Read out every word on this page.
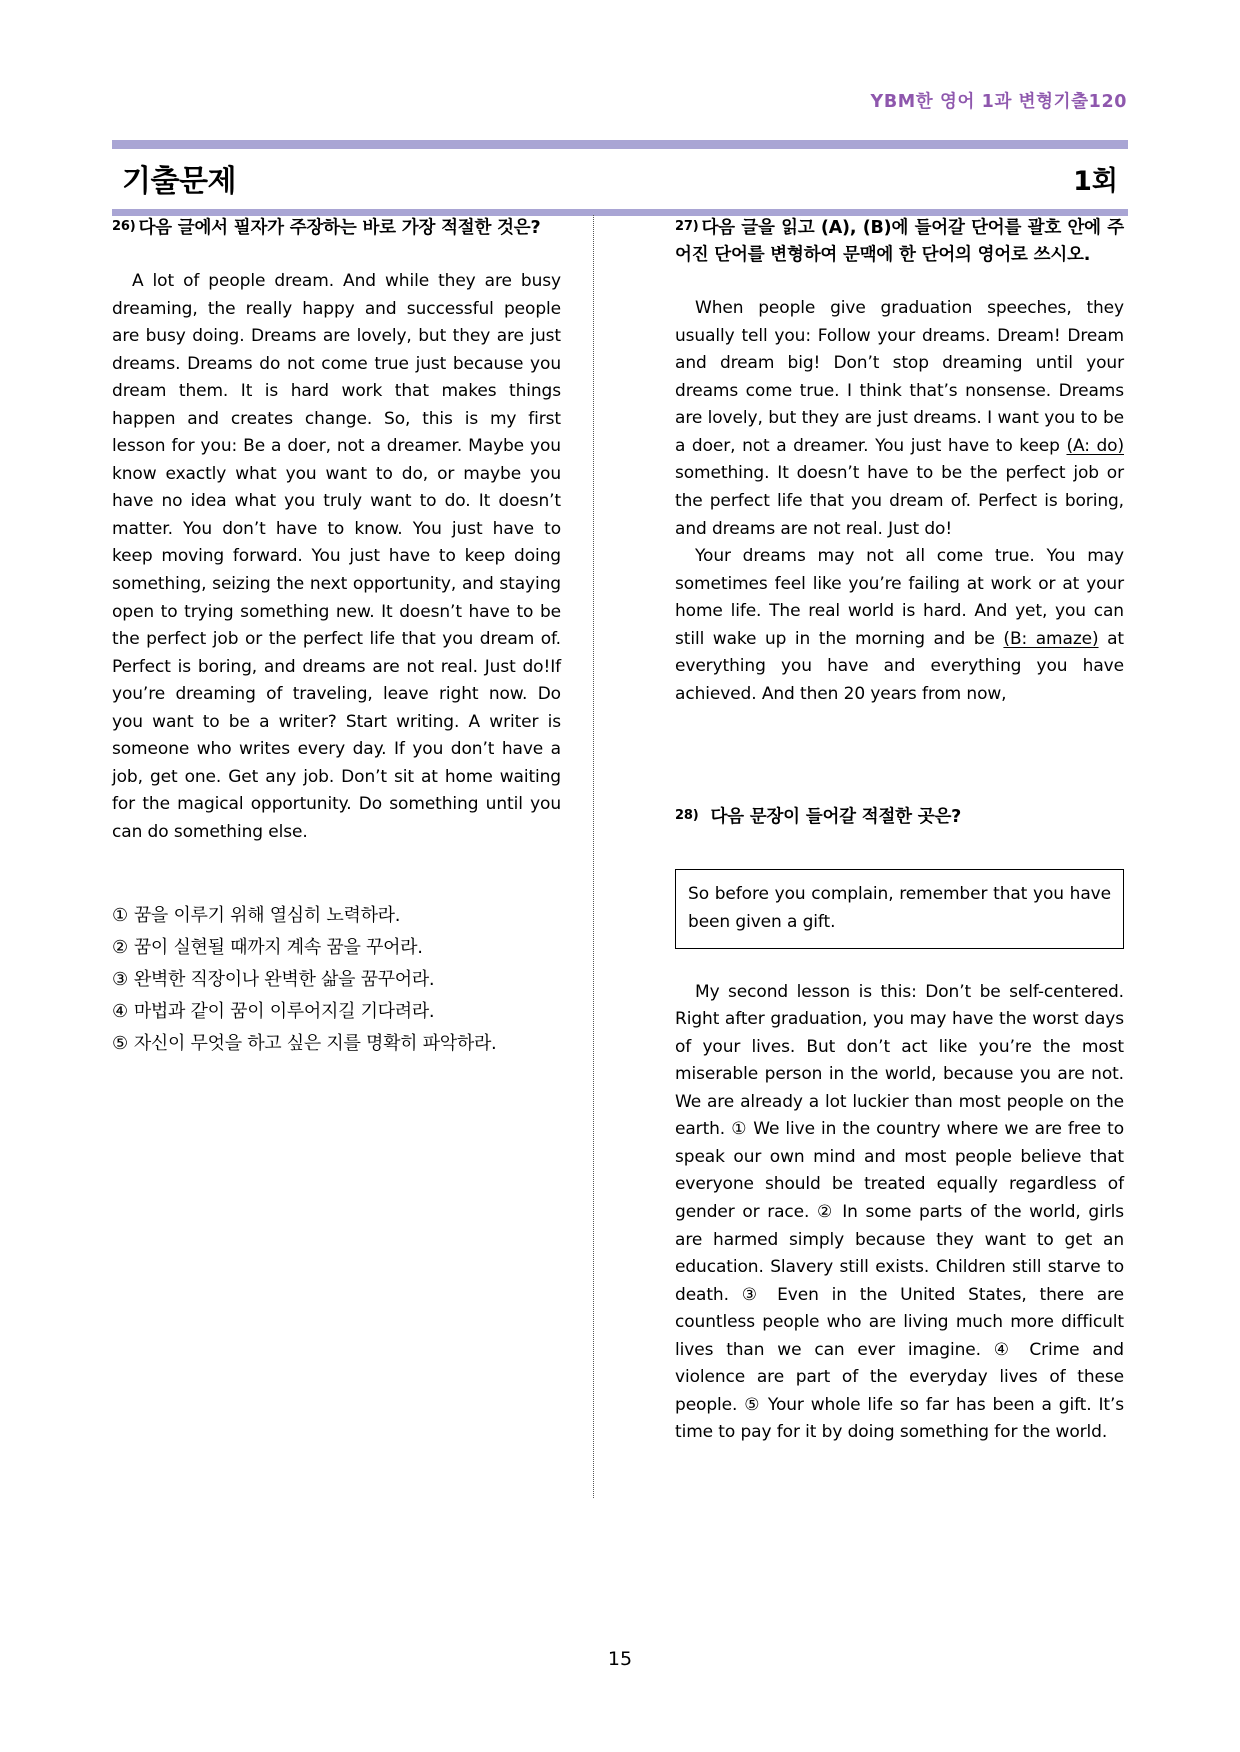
YBM한 영어 1과 변형기출120
기출문제	1회
26) 다음 글에서 필자가 주장하는 바로 가장 적절한 것은?

A lot of people dream. And while they are busy dreaming, the really happy and successful people are busy doing. Dreams are lovely, but they are just dreams. Dreams do not come true just because you dream them. It is hard work that makes things happen and creates change. So, this is my first lesson for you: Be a doer, not a dreamer. Maybe you know exactly what you want to do, or maybe you have no idea what you truly want to do. It doesn’t matter. You don’t have to know. You just have to keep moving forward. You just have to keep doing something, seizing the next opportunity, and staying open to trying something new. It doesn’t have to be the perfect job or the perfect life that you dream of. Perfect is boring, and dreams are not real. Just do!If you’re dreaming of traveling, leave right now. Do you want to be a writer? Start writing. A writer is someone who writes every day. If you don’t have a job, get one. Get any job. Don’t sit at home waiting for the magical opportunity. Do something until you can do something else.

① 꿈을 이루기 위해 열심히 노력하라.
② 꿈이 실현될 때까지 계속 꿈을 꾸어라.
③ 완벽한 직장이나 완벽한 삶을 꿈꾸어라.
④ 마법과 같이 꿈이 이루어지길 기다려라.
⑤ 자신이 무엇을 하고 싶은 지를 명확히 파악하라.
27) 다음 글을 읽고 (A), (B)에 들어갈 단어를 괄호 안에 주어진 단어를 변형하여 문맥에 한 단어의 영어로 쓰시오.

When people give graduation speeches, they usually tell you: Follow your dreams. Dream! Dream and dream big! Don’t stop dreaming until your dreams come true. I think that’s nonsense. Dreams are lovely, but they are just dreams. I want you to be a doer, not a dreamer. You just have to keep (A: do) something. It doesn’t have to be the perfect job or the perfect life that you dream of. Perfect is boring, and dreams are not real. Just do!

Your dreams may not all come true. You may sometimes feel like you’re failing at work or at your home life. The real world is hard. And yet, you can still wake up in the morning and be (B: amaze) at everything you have and everything you have achieved. And then 20 years from now,

28) 다음 문장이 들어갈 적절한 곳은?
So before you complain, remember that you have been given a gift.

My second lesson is this: Don’t be self-centered. Right after graduation, you may have the worst days of your lives. But don’t act like you’re the most miserable person in the world, because you are not. We are already a lot luckier than most people on the earth. ① We live in the country where we are free to speak our own mind and most people believe that everyone should be treated equally regardless of gender or race. ② In some parts of the world, girls are harmed simply because they want to get an education. Slavery still exists. Children still starve to death. ③ Even in the United States, there are countless people who are living much more difficult lives than we can ever imagine. ④ Crime and violence are part of the everyday lives of these people. ⑤ Your whole life so far has been a gift. It’s time to pay for it by doing something for the world.

15
